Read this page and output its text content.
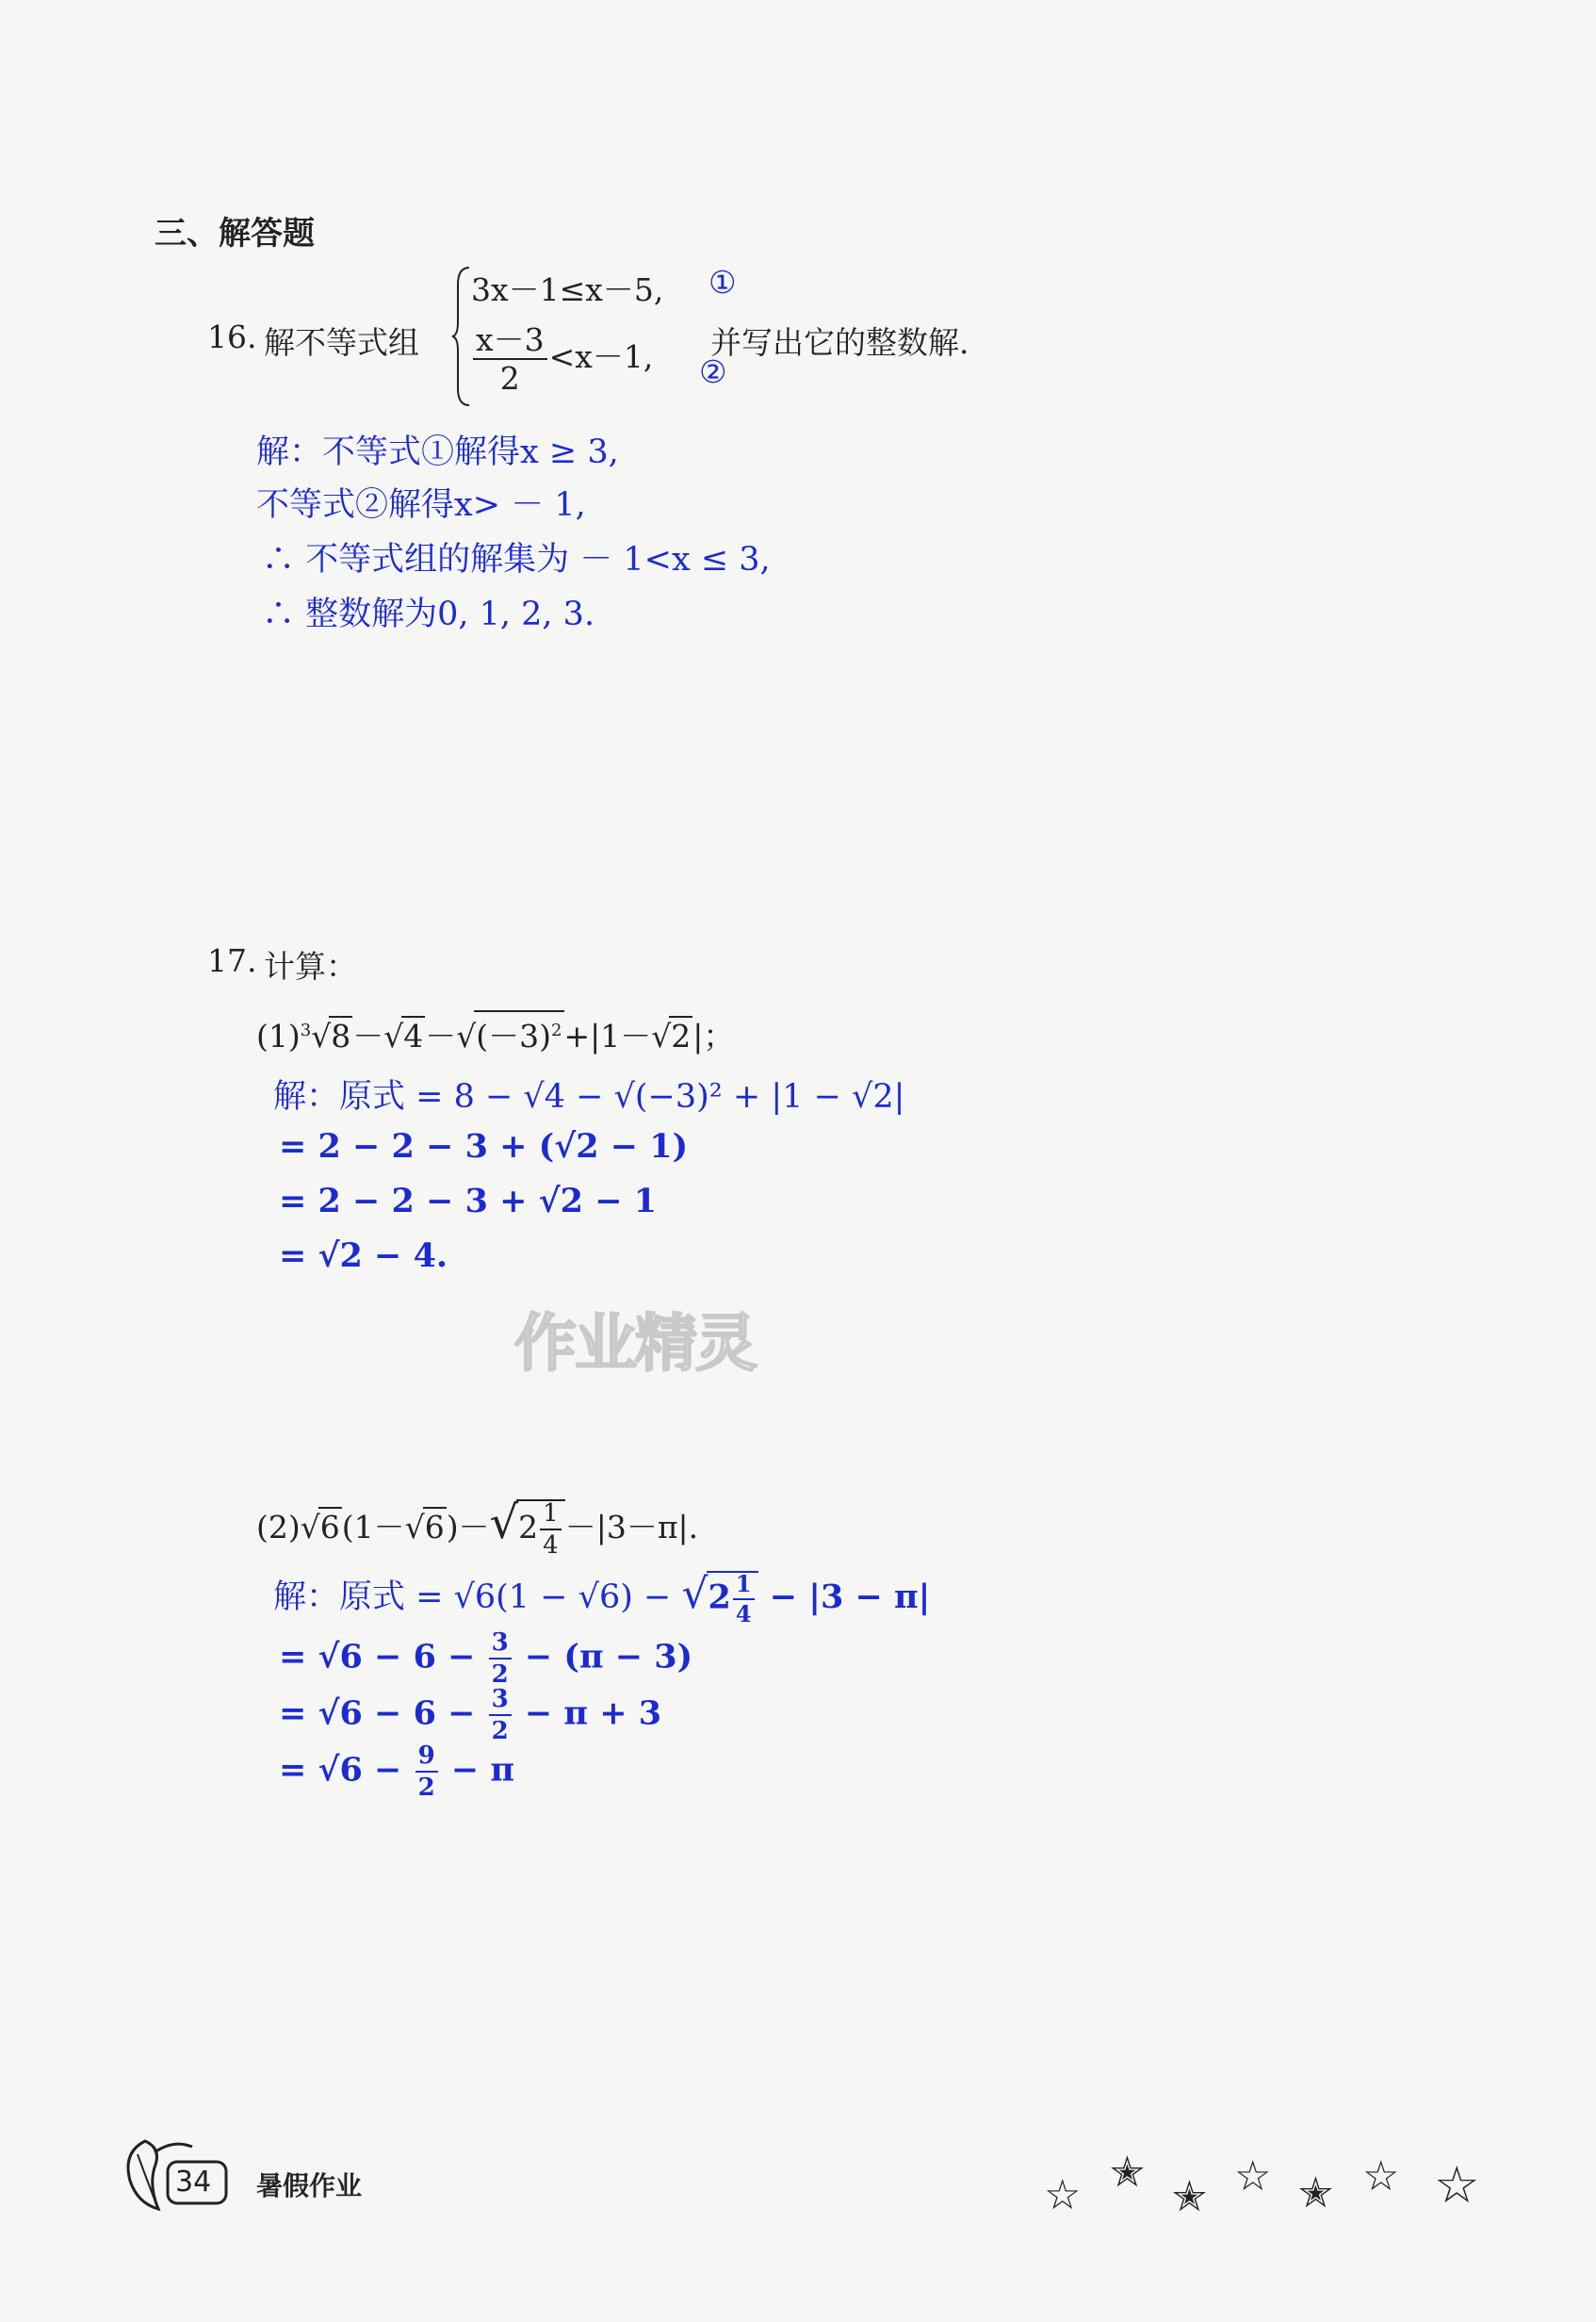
三、解答题
16. 解不等式组
3x－1≤x－5, ①
$\frac{x-3}{2} <x-1$, ②
并写出它的整数解.
解：不等式①解得x ≥ 3,
不等式②解得x> － 1,
∴ 不等式组的解集为 － 1<x ≤ 3,
∴ 整数解为0, 1, 2, 3.
17. 计算：
$(1)^3√8-√4-√(-3)^2+|1-√2|$；
解：原式 = 8 − √4 − √(−3)² + |1 − √2|
= 2 − 2 − 3 + (√2 − 1)
= 2 − 2 − 3 + √2 − 1
= √2 − 4.
作业精灵
$(2)√6(1-√6)-√2 \frac{1}{4} -|3-\pi|$.
解：原式 = $√6(1 - √6) - √2 \frac{1}{4} - |3 - \pi|$
= $√6 - 6 - \frac{3}{2} - (\pi - 3)$
= $√6 - 6 - \frac{3}{2} - \pi + 3$
= $√6 - \frac{9}{2} - \pi$
34 暑假作业	☆ ✭
✭ ☆ ✭ ☆ ☆
